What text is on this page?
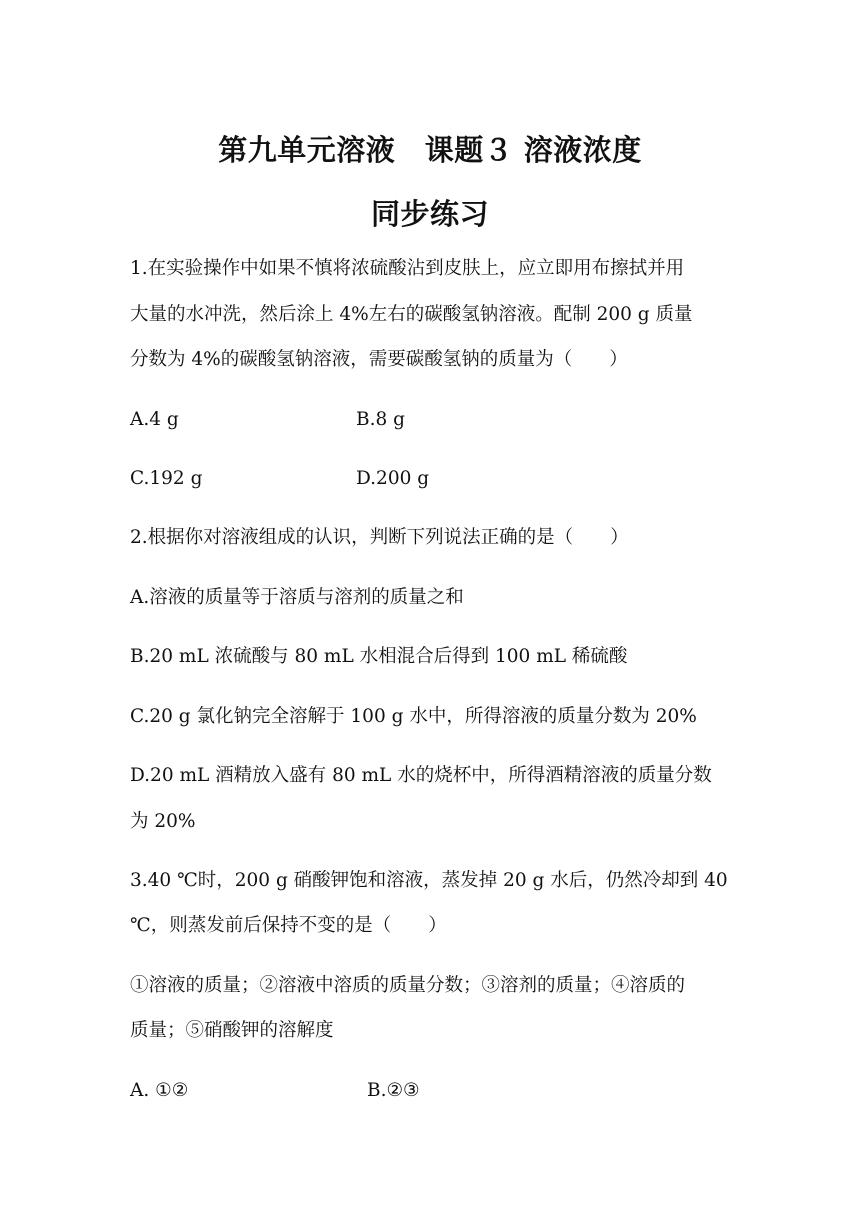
第九单元溶液　课题３ 溶液浓度
同步练习
1.在实验操作中如果不慎将浓硫酸沾到皮肤上，应立即用布擦拭并用
大量的水冲洗，然后涂上 4%左右的碳酸氢钠溶液。配制 200 g 质量
分数为 4%的碳酸氢钠溶液，需要碳酸氢钠的质量为（　　）
A.4 g	B.8 g
C.192 g	D.200 g
2.根据你对溶液组成的认识，判断下列说法正确的是（　　）
A.溶液的质量等于溶质与溶剂的质量之和
B.20 mL 浓硫酸与 80 mL 水相混合后得到 100 mL 稀硫酸
C.20 g 氯化钠完全溶解于 100 g 水中，所得溶液的质量分数为 20%
D.20 mL 酒精放入盛有 80 mL 水的烧杯中，所得酒精溶液的质量分数
为 20%
3.40 ℃时，200 g 硝酸钾饱和溶液，蒸发掉 20 g 水后，仍然冷却到 40
℃，则蒸发前后保持不变的是（　　）
①溶液的质量；②溶液中溶质的质量分数；③溶剂的质量；④溶质的
质量；⑤硝酸钾的溶解度
A. ①②	B.②③
